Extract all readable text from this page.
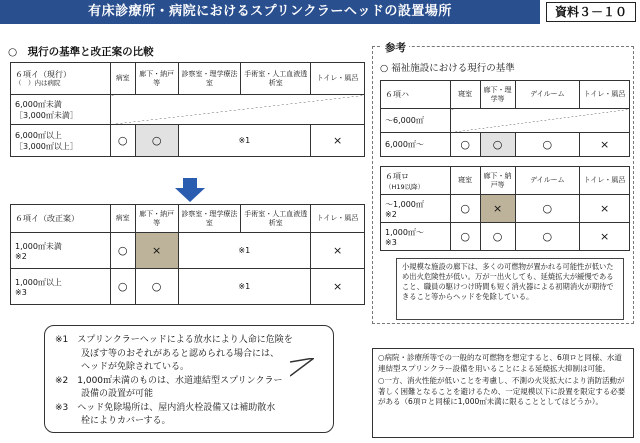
有床診療所・病院におけるスプリンクラーヘッドの設置場所	資料３－１０
○　現行の基準と改正案の比較
６項イ（現行）
（　）内は病院	病室	廊下・納戸等	診察室・理学療法室	手術室・人工血液透析室	トイレ・風呂

6,000㎡未満
［3,000㎡未満］					

6,000㎡以上
［3,000㎡以上］	○	○	※1		×
６項イ（改正案）	病室	廊下・納戸等	診察室・理学療法室	手術室・人工血液透析室	トイレ・風呂

1,000㎡未満
※2	○	×	※1		×

1,000㎡以上
※3	○	○	※1		×
参考
○ 福祉施設における現行の基準
６項ハ	寝室	廊下・理学等	デイルーム	トイレ・風呂
～6,000㎡				
6,000㎡～	○	○	○	×
６項ロ
（H19以降）	寝室	廊下・納戸等	デイルーム	トイレ・風呂

～1,000㎡
※2	○	×	○	×

1,000㎡～
※3	○	○	○	×
小規模な施設の廊下は、多くの可燃物が置かれる可能性が低いため出火危険性が低い。万が一出火しても、延焼拡大が緩慢であること、職員の駆けつけ時間も短く消火器による初期消火が期待できること等からヘッドを免除している。

※1　スプリンクラーヘッドによる放水により人命に危険を

及ぼす等のおそれがあると認められる場合には、

ヘッドが免除されている。

※2　1,000㎡未満のものは、水道連結型スプリンクラー

設備の設置が可能

※3　ヘッド免除場所は、屋内消火栓設備又は補助散水

栓によりカバーする。

○病院・診療所等での一般的な可燃物を想定すると、6項ロと同様、水道連結型スプリンクラー設備を用いることによる延焼拡大抑制は可能。

○一方、消火性能が低いことを考慮し、不測の火災拡大により消防活動が著しく困難となることを避けるため、一定規模以下に設置を限定する必要がある（6項ロと同様に1,000㎡未満に限ることとしてはどうか）。
